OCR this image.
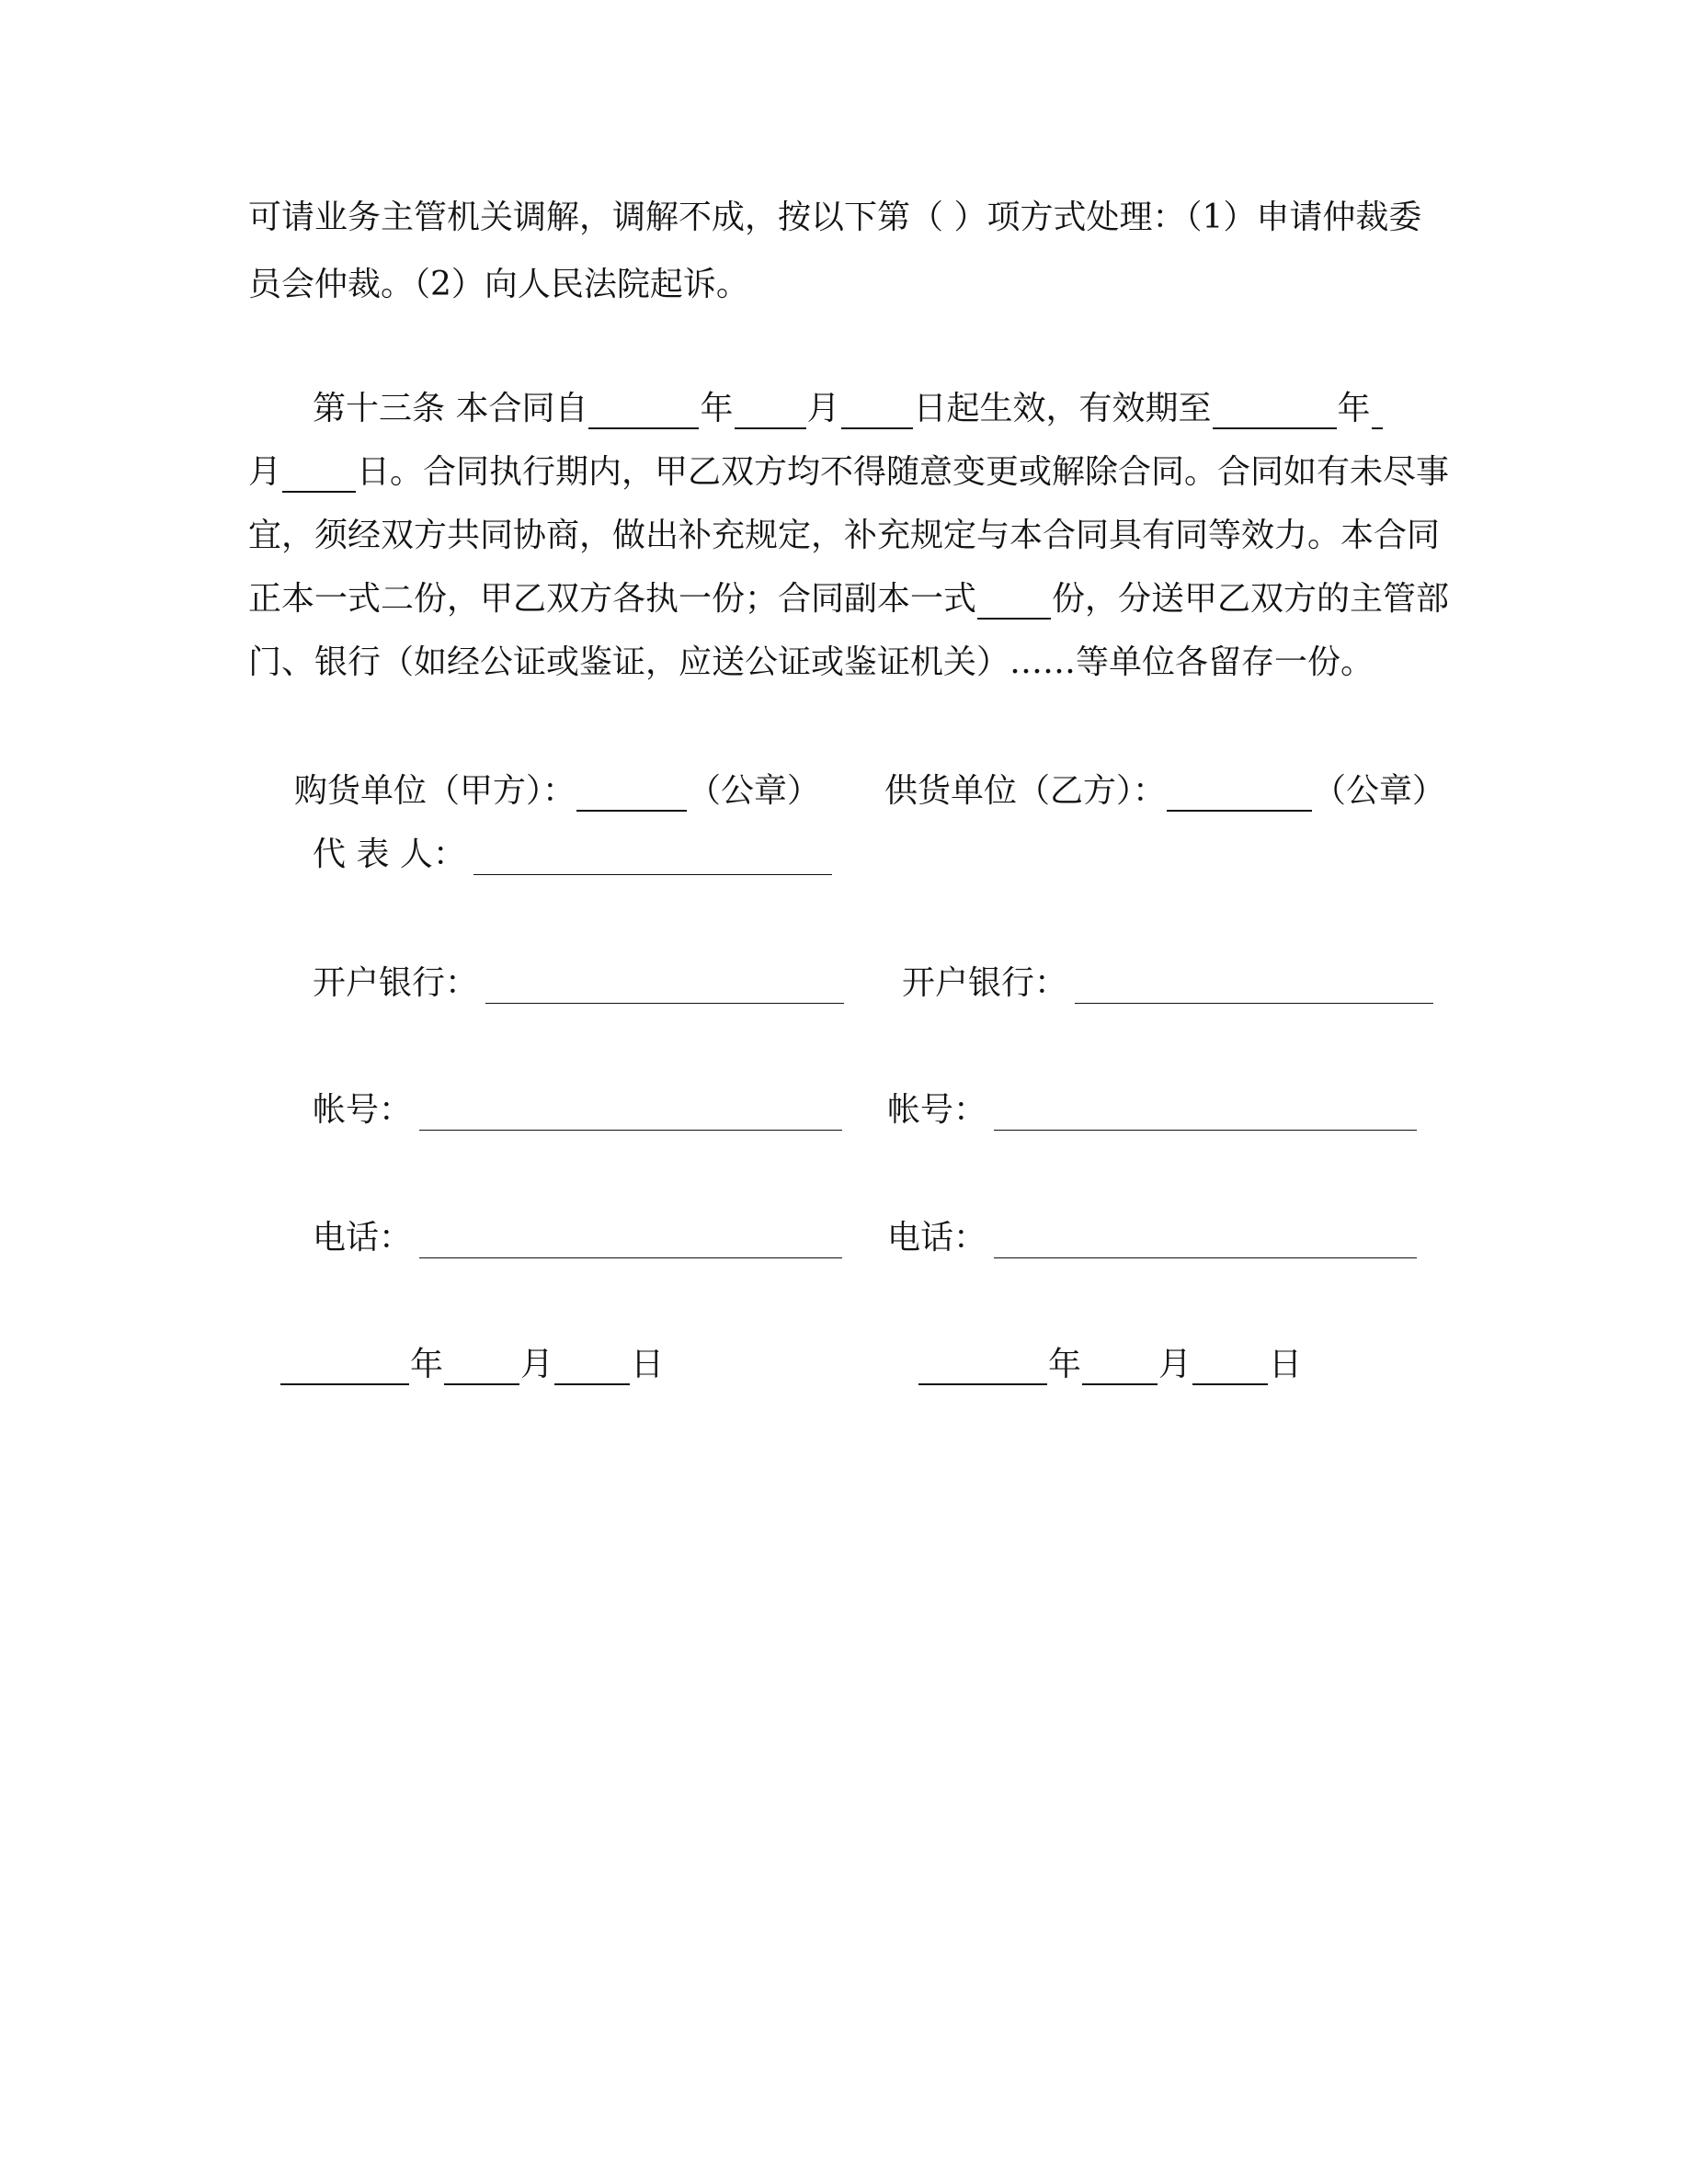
可请业务主管机关调解，调解不成，按以下第（ ）项方式处理：（1）申请仲裁委
员会仲裁。（2）向人民法院起诉。
第十三条
本合同自	年 月 日起生效，有效期至	年
月 日。合同执行期内，甲乙双方均不得随意变更或解除合同。合同如有未尽事
宜，须经双方共同协商，做出补充规定，补充规定与本合同具有同等效力。本合同
正本一式二份，甲乙双方各执一份；合同副本一式 份，分送甲乙双方的主管部
门、银行（如经公证或鉴证，应送公证或鉴证机关）……等单位各留存一份。
购货单位（甲方）：	（公章） 供货单位（乙方）：	（公章）
代 表 人：
开户银行：	开户银行：
帐号：	帐号：
电话：	电话：
年 月 日	年 月 日
